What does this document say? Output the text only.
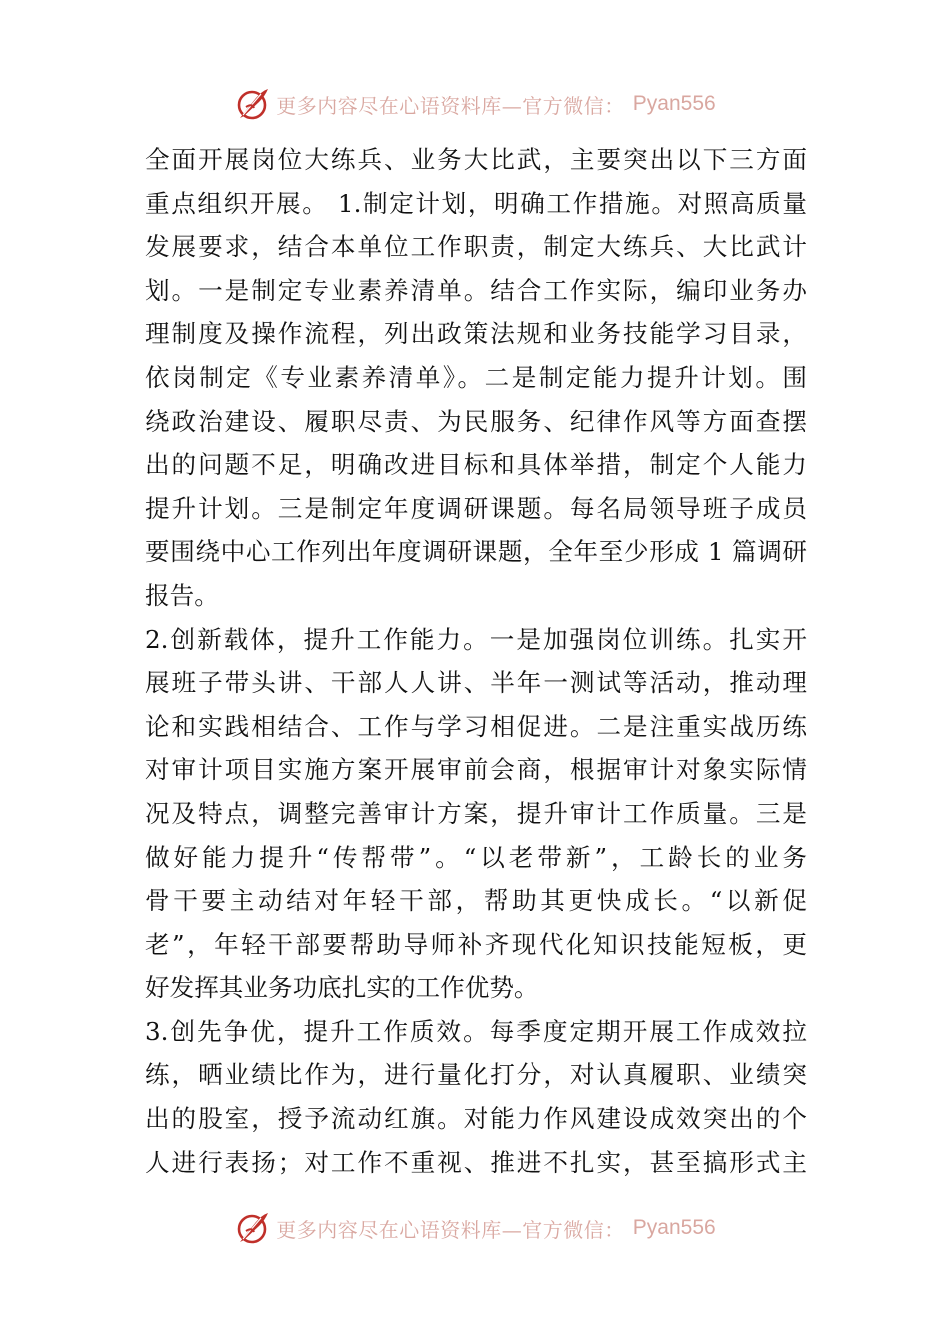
更多内容尽在心语资料库—官方微信： Pyan556
全面开展岗位大练兵、业务大比武，主要突出以下三方面
重点组织开展。 1.制定计划，明确工作措施。对照高质量
发展要求，结合本单位工作职责，制定大练兵、大比武计
划。一是制定专业素养清单。结合工作实际，编印业务办
理制度及操作流程，列出政策法规和业务技能学习目录，
依岗制定《专业素养清单》。二是制定能力提升计划。围
绕政治建设、履职尽责、为民服务、纪律作风等方面查摆
出的问题不足，明确改进目标和具体举措，制定个人能力
提升计划。三是制定年度调研课题。每名局领导班子成员
要围绕中心工作列出年度调研课题，全年至少形成 1 篇调研
报告。
2.创新载体，提升工作能力。一是加强岗位训练。扎实开
展班子带头讲、干部人人讲、半年一测试等活动，推动理
论和实践相结合、工作与学习相促进。二是注重实战历练
对审计项目实施方案开展审前会商，根据审计对象实际情
况及特点，调整完善审计方案，提升审计工作质量。三是
做好能力提升“传帮带”。“以老带新”，工龄长的业务
骨干要主动结对年轻干部，帮助其更快成长。“以新促
老”，年轻干部要帮助导师补齐现代化知识技能短板，更
好发挥其业务功底扎实的工作优势。
3.创先争优，提升工作质效。每季度定期开展工作成效拉
练，晒业绩比作为，进行量化打分，对认真履职、业绩突
出的股室，授予流动红旗。对能力作风建设成效突出的个
人进行表扬；对工作不重视、推进不扎实，甚至搞形式主
更多内容尽在心语资料库—官方微信： Pyan556
